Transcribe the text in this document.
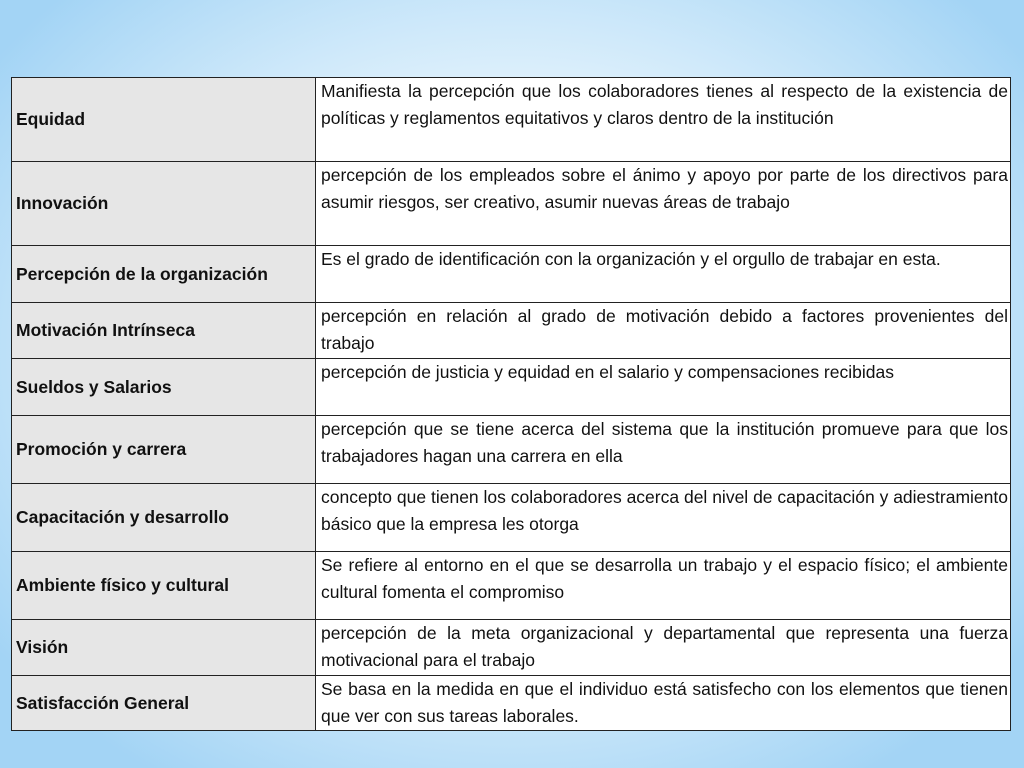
Equidad	Manifiesta la percepción que los colaboradores tienes al respecto de la existencia de políticas y reglamentos equitativos y claros dentro de la institución
Innovación	percepción de los empleados sobre el ánimo y apoyo por parte de los directivos para asumir riesgos, ser creativo, asumir nuevas áreas de trabajo
Percepción de la organización	Es el grado de identificación con la organización y el orgullo de trabajar en esta.
Motivación Intrínseca	percepción en relación al grado de motivación debido a factores provenientes del trabajo
Sueldos y Salarios	percepción de justicia y equidad en el salario y compensaciones recibidas
Promoción y carrera	percepción que se tiene acerca del sistema que la institución promueve para que los trabajadores hagan una carrera en ella
Capacitación y desarrollo	concepto que tienen los colaboradores acerca del nivel de capacitación y adiestramiento básico que la empresa les otorga
Ambiente físico y cultural	Se refiere al entorno en el que se desarrolla un trabajo y el espacio físico; el ambiente cultural fomenta el compromiso
Visión	percepción de la meta organizacional y departamental que representa una fuerza motivacional para el trabajo
Satisfacción General	Se basa en la medida en que el individuo está satisfecho con los elementos que tienen que ver con sus tareas laborales.
